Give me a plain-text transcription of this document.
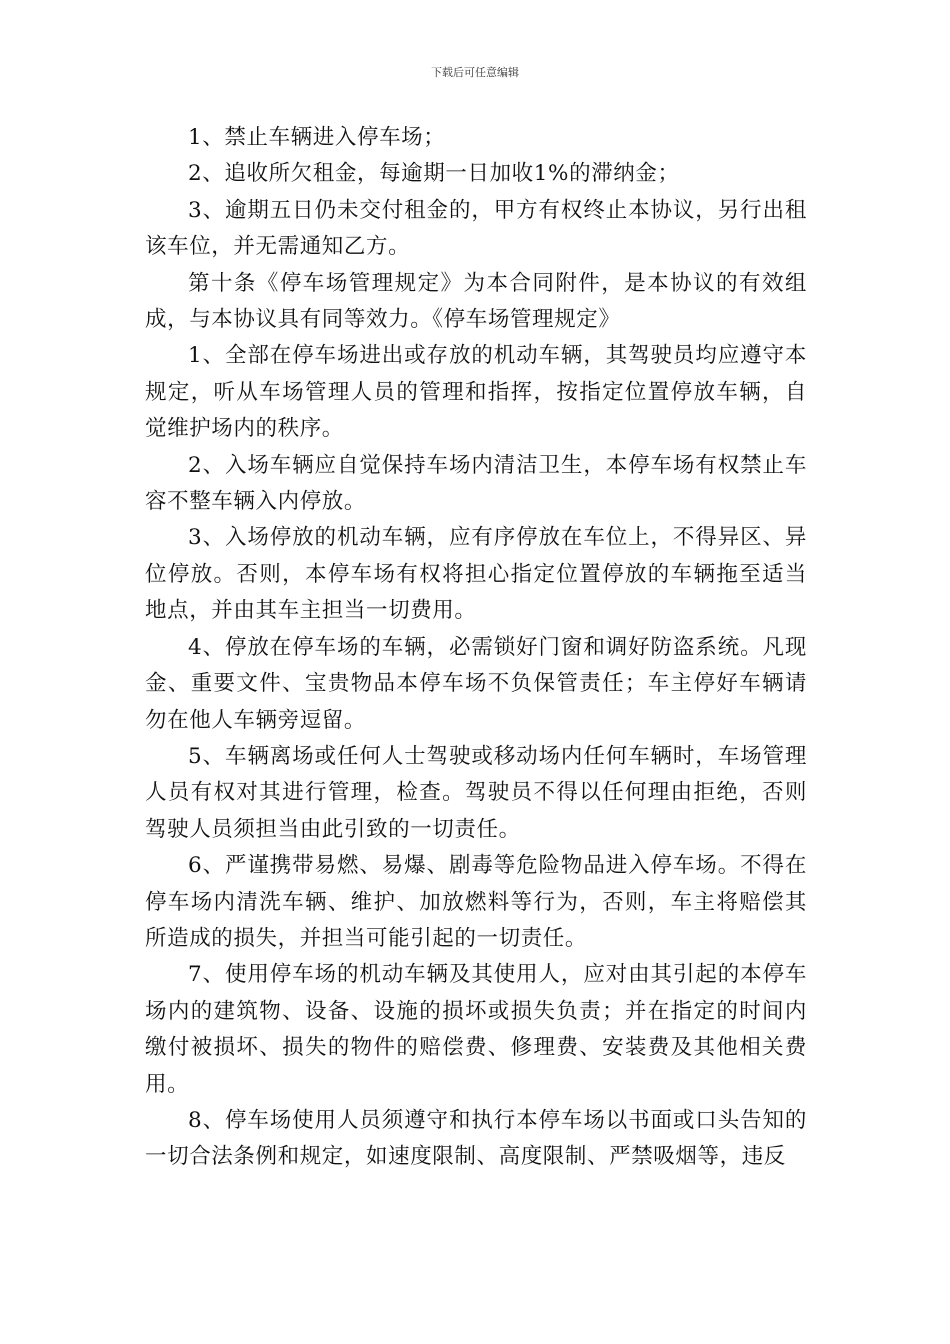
下载后可任意编辑

1、禁止车辆进入停车场；

2、追收所欠租金，每逾期一日加收1%的滞纳金；

3、逾期五日仍未交付租金的，甲方有权终止本协议，另行出租该车位，并无需通知乙方。

第十条《停车场管理规定》为本合同附件，是本协议的有效组成，与本协议具有同等效力。《停车场管理规定》

1、全部在停车场进出或存放的机动车辆，其驾驶员均应遵守本规定，听从车场管理人员的管理和指挥，按指定位置停放车辆，自觉维护场内的秩序。

2、入场车辆应自觉保持车场内清洁卫生，本停车场有权禁止车容不整车辆入内停放。

3、入场停放的机动车辆，应有序停放在车位上，不得异区、异位停放。否则，本停车场有权将担心指定位置停放的车辆拖至适当地点，并由其车主担当一切费用。

4、停放在停车场的车辆，必需锁好门窗和调好防盗系统。凡现金、重要文件、宝贵物品本停车场不负保管责任；车主停好车辆请勿在他人车辆旁逗留。

5、车辆离场或任何人士驾驶或移动场内任何车辆时，车场管理人员有权对其进行管理，检查。驾驶员不得以任何理由拒绝，否则驾驶人员须担当由此引致的一切责任。

6、严谨携带易燃、易爆、剧毒等危险物品进入停车场。不得在停车场内清洗车辆、维护、加放燃料等行为，否则，车主将赔偿其所造成的损失，并担当可能引起的一切责任。

7、使用停车场的机动车辆及其使用人，应对由其引起的本停车场内的建筑物、设备、设施的损坏或损失负责；并在指定的时间内缴付被损坏、损失的物件的赔偿费、修理费、安装费及其他相关费用。

8、停车场使用人员须遵守和执行本停车场以书面或口头告知的一切合法条例和规定，如速度限制、高度限制、严禁吸烟等，违反
